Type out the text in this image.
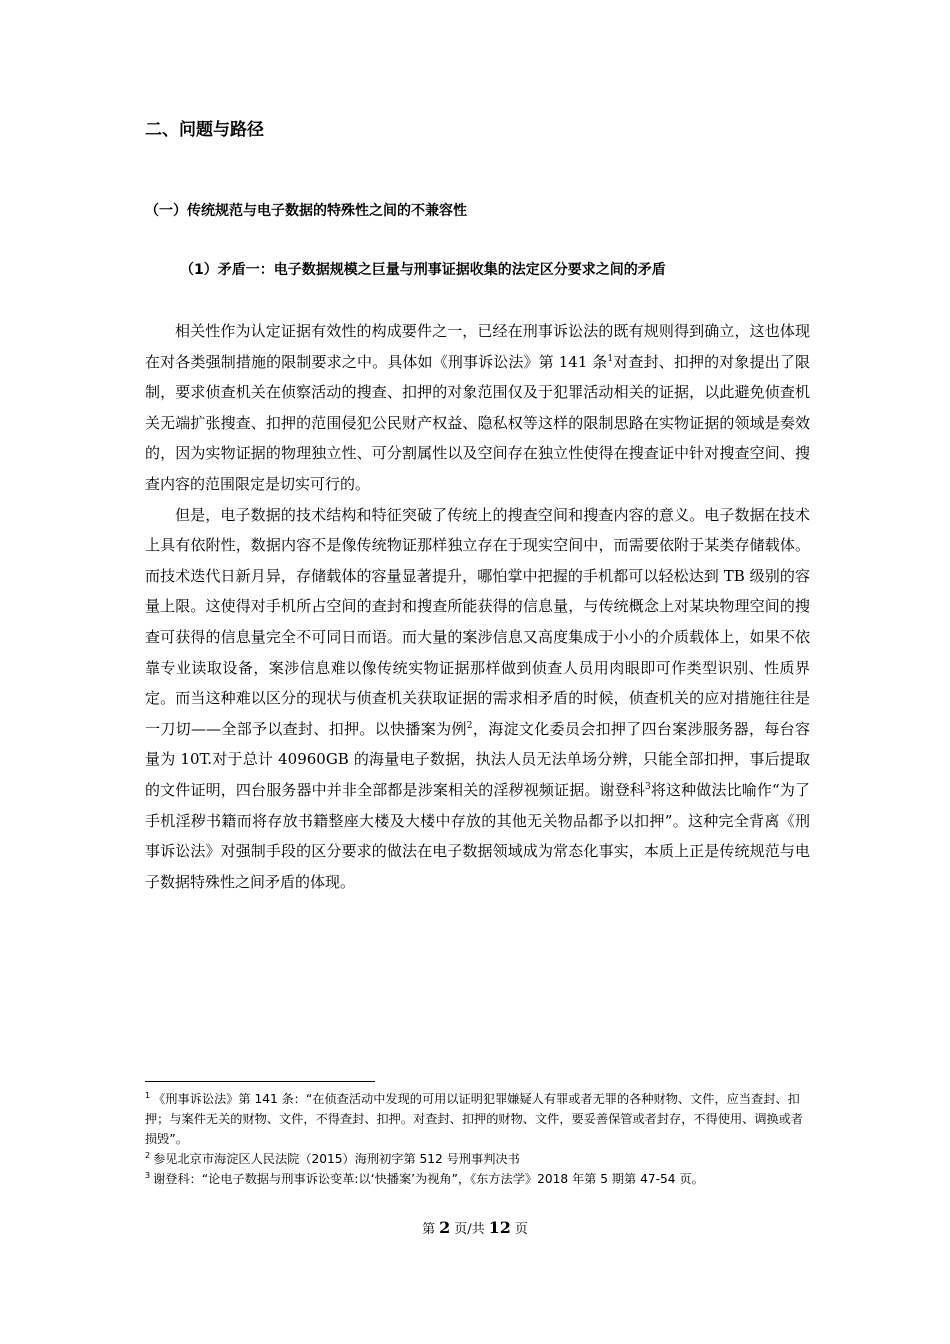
二、问题与路径
（一）传统规范与电子数据的特殊性之间的不兼容性
（1）矛盾一：电子数据规模之巨量与刑事证据收集的法定区分要求之间的矛盾

相关性作为认定证据有效性的构成要件之一，已经在刑事诉讼法的既有规则得到确立，这也体现在对各类强制措施的限制要求之中。具体如《刑事诉讼法》第 141 条$^1$对查封、扣押的对象提出了限制，要求侦查机关在侦察活动的搜查、扣押的对象范围仅及于犯罪活动相关的证据，以此避免侦查机关无端扩张搜查、扣押的范围侵犯公民财产权益、隐私权等这样的限制思路在实物证据的领域是奏效的，因为实物证据的物理独立性、可分割属性以及空间存在独立性使得在搜查证中针对搜查空间、搜查内容的范围限定是切实可行的。

但是，电子数据的技术结构和特征突破了传统上的搜查空间和搜查内容的意义。电子数据在技术上具有依附性，数据内容不是像传统物证那样独立存在于现实空间中，而需要依附于某类存储载体。而技术迭代日新月异，存储载体的容量显著提升，哪怕掌中把握的手机都可以轻松达到 TB 级别的容量上限。这使得对手机所占空间的查封和搜查所能获得的信息量，与传统概念上对某块物理空间的搜查可获得的信息量完全不可同日而语。而大量的案涉信息又高度集成于小小的介质载体上，如果不依靠专业读取设备，案涉信息难以像传统实物证据那样做到侦查人员用肉眼即可作类型识别、性质界定。而当这种难以区分的现状与侦查机关获取证据的需求相矛盾的时候，侦查机关的应对措施往往是一刀切——全部予以查封、扣押。以快播案为例$^2$，海淀文化委员会扣押了四台案涉服务器，每台容量为 10T.对于总计 40960GB 的海量电子数据，执法人员无法单场分辨，只能全部扣押，事后提取的文件证明，四台服务器中并非全部都是涉案相关的淫秽视频证据。谢登科$^3$将这种做法比喻作“为了手机淫秽书籍而将存放书籍整座大楼及大楼中存放的其他无关物品都予以扣押”。这种完全背离《刑事诉讼法》对强制手段的区分要求的做法在电子数据领域成为常态化事实，本质上正是传统规范与电子数据特殊性之间矛盾的体现。

$^1$ 《刑事诉讼法》第 141 条：“在侦查活动中发现的可用以证明犯罪嫌疑人有罪或者无罪的各种财物、文件，应当查封、扣押；与案件无关的财物、文件，不得查封、扣押。对查封、扣押的财物、文件，要妥善保管或者封存，不得使用、调换或者损毁”。

$^2$ 参见北京市海淀区人民法院（2015）海刑初字第 512 号刑事判决书

$^3$ 谢登科：“论电子数据与刑事诉讼变革:以‘快播案’为视角”，《东方法学》2018 年第 5 期第 47-54 页。

第 2 页/共 12 页
